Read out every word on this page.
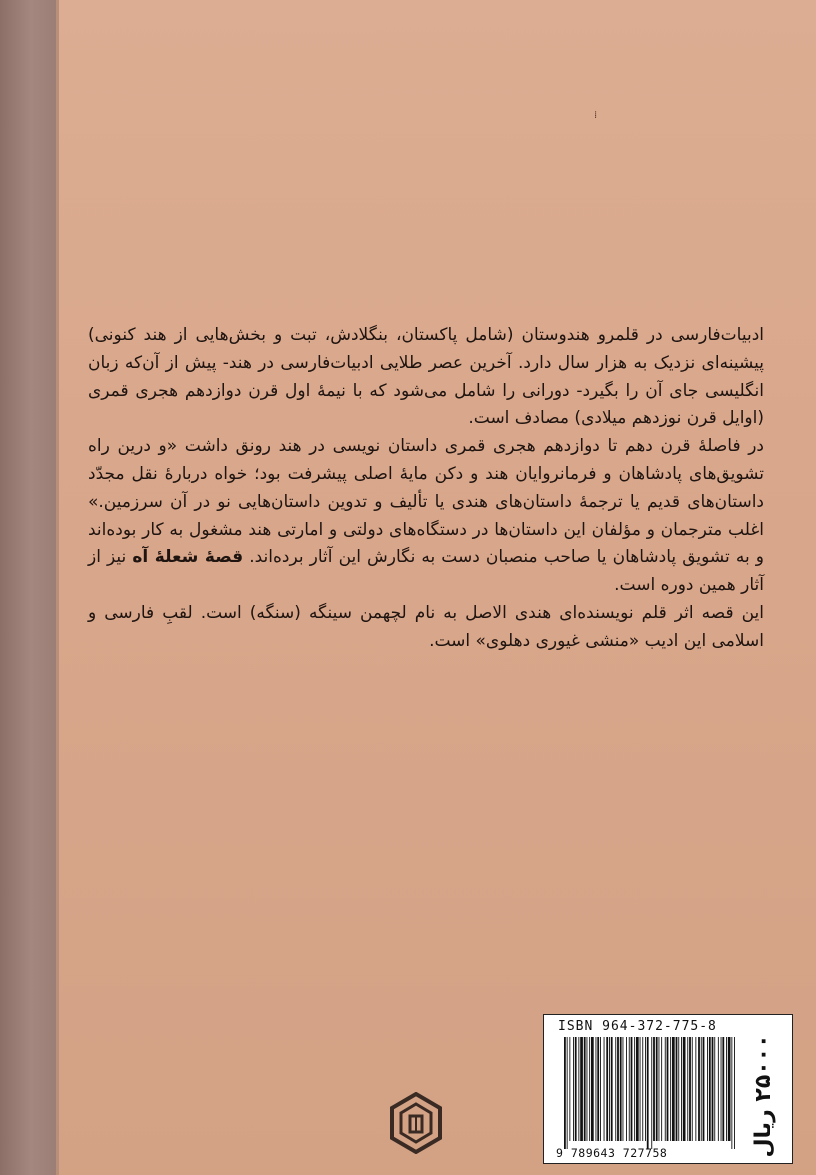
⁞

ادبیات‌فارسی در قلمرو هندوستان (شامل پاکستان، بنگلادش، تبت و بخش‌هایی از هند کنونی) پیشینه‌ای نزدیک به هزار سال دارد. آخرین عصر طلایی ادبیات‌فارسی در هند- پیش از آن‌که زبان انگلیسی جای آن را بگیرد- دورانی را شامل می‌شود که با نیمهٔ اول قرن دوازدهم هجری قمری (اوایل قرن نوزدهم میلادی) مصادف است.

در فاصلهٔ قرن دهم تا دوازدهم هجری قمری داستان نویسی در هند رونق داشت «و درین راه تشویق‌های پادشاهان و فرمانروایان هند و دکن مایهٔ اصلی پیشرفت بود؛ خواه دربارهٔ نقل مجدّد داستان‌های قدیم یا ترجمهٔ داستان‌های هندی یا تألیف و تدوین داستان‌هایی نو در آن سرزمین.» اغلب مترجمان و مؤلفان این داستان‌ها در دستگاه‌های دولتی و امارتی هند مشغول به کار بوده‌اند و به تشویق پادشاهان یا صاحب منصبان دست به نگارش این آثار برده‌اند. قصهٔ شعلهٔ آه نیز از آثار همین دوره است.

این قصه اثر قلم نویسنده‌ای هندی الاصل به نام لچهمن سینگه (سنگه) است. لقبِ فارسی و اسلامی این ادیب «منشی غیوری دهلوی» است.

ISBN 964-372-775-8
9 789643 727758	۲۵۰۰۰ ریال
